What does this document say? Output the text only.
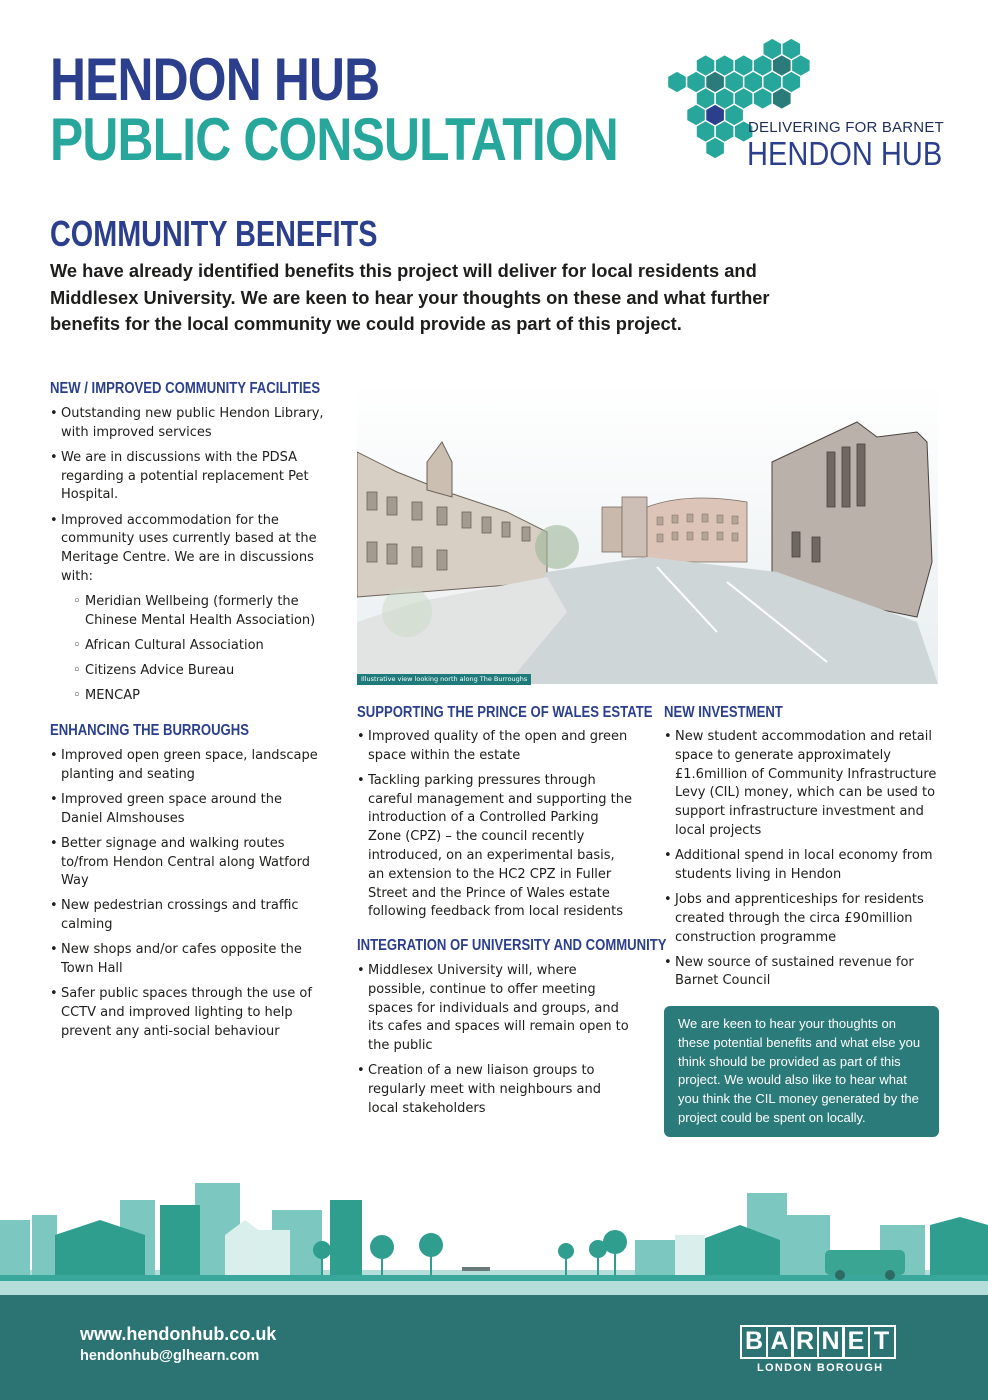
HENDON HUB
PUBLIC CONSULTATION	DELIVERING FOR BARNET
HENDON HUB
COMMUNITY BENEFITS
We have already identified benefits this project will deliver for local residents and Middlesex University. We are keen to hear your thoughts on these and what further benefits for the local community we could provide as part of this project.
NEW / IMPROVED COMMUNITY FACILITIES
• Outstanding new public Hendon Library, with improved services
• We are in discussions with the PDSA regarding a potential replacement Pet Hospital.
• Improved accommodation for the community uses currently based at the Meritage Centre. We are in discussions with:
◦ Meridian Wellbeing (formerly the Chinese Mental Health Association)
◦ African Cultural Association
◦ Citizens Advice Bureau
◦ MENCAP
ENHANCING THE BURROUGHS
• Improved open green space, landscape planting and seating
• Improved green space around the Daniel Almshouses
• Better signage and walking routes to/from Hendon Central along Watford Way
• New pedestrian crossings and traffic calming
• New shops and/or cafes opposite the Town Hall
• Safer public spaces through the use of CCTV and improved lighting to help prevent any anti-social behaviour
Illustrative view looking north along The Burroughs
SUPPORTING THE PRINCE OF WALES ESTATE
• Improved quality of the open and green space within the estate
• Tackling parking pressures through careful management and supporting the introduction of a Controlled Parking Zone (CPZ) – the council recently introduced, on an experimental basis, an extension to the HC2 CPZ in Fuller Street and the Prince of Wales estate following feedback from local residents
INTEGRATION OF UNIVERSITY AND COMMUNITY
• Middlesex University will, where possible, continue to offer meeting spaces for individuals and groups, and its cafes and spaces will remain open to the public
• Creation of a new liaison groups to regularly meet with neighbours and local stakeholders
NEW INVESTMENT
• New student accommodation and retail space to generate approximately £1.6million of Community Infrastructure Levy (CIL) money, which can be used to support infrastructure investment and local projects
• Additional spend in local economy from students living in Hendon
• Jobs and apprenticeships for residents created through the circa £90million construction programme
• New source of sustained revenue for Barnet Council
We are keen to hear your thoughts on these potential benefits and what else you think should be provided as part of this project. We would also like to hear what you think the CIL money generated by the project could be spent on locally.
www.hendonhub.co.uk
hendonhub@glhearn.com
B A R N E T
LONDON BOROUGH
